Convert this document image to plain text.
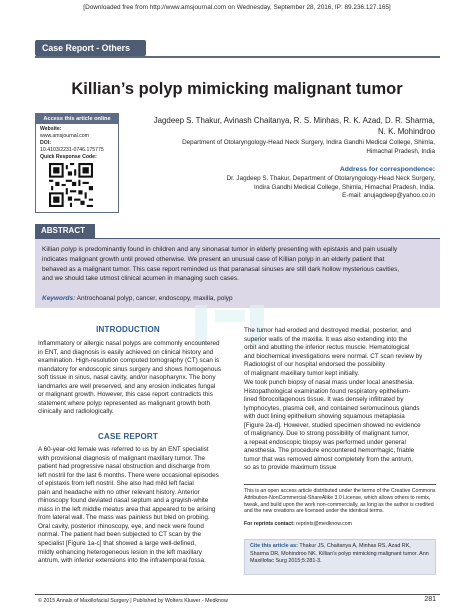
[Downloaded free from http://www.amsjournal.com on Wednesday, September 28, 2016, IP: 89.236.127.165]
Case Report - Others
Killian’s polyp mimicking malignant tumor
Access this article online
Website:
www.amsjournal.com
DOI:
10.4103/2231-0746.175775
Quick Response Code:
Jagdeep S. Thakur, Avinash Chaitanya, R. S. Minhas, R. K. Azad, D. R. Sharma,
N. K. Mohindroo
Department of Otolaryngology-Head Neck Surgery, Indira Gandhi Medical College, Shimla,
Himachal Pradesh, India
Address for correspondence:
Dr. Jagdeep S. Thakur, Department of Otolaryngology-Head Neck Surgery,
Indira Gandhi Medical College, Shimla, Himachal Pradesh, India.
E-mail: anujagdeep@yahoo.co.in
ABSTRACT
Killian polyp is predominantly found in children and any sinonasal tumor in elderly presenting with epistaxis and pain usually
indicates malignant growth until proved otherwise. We present an unusual case of Killian polyp in an elderly patient that
behaved as a malignant tumor. This case report reminded us that paranasal sinuses are still dark hollow mysterious cavities,
and we should take utmost clinical acumen in managing such cases.
Keywords: Antrochoanal polyp, cancer, endoscopy, maxilla, polyp
INTRODUCTION
Inflammatory or allergic nasal polyps are commonly encountered
in ENT, and diagnosis is easily achieved on clinical history and
examination. High-resolution computed tomography (CT) scan is
mandatory for endoscopic sinus surgery and shows homogenous
soft tissue in sinus, nasal cavity, and/or nasopharynx. The bony
landmarks are well preserved, and any erosion indicates fungal
or malignant growth. However, this case report contradicts this
statement where polyp represented as malignant growth both
clinically and radiologically.
CASE REPORT
A 60-year-old female was referred to us by an ENT specialist
with provisional diagnosis of malignant maxillary tumor. The
patient had progressive nasal obstruction and discharge from
left nostril for the last 6 months. There were occasional episodes
of epistaxis from left nostril. She also had mild left facial
pain and headache with no other relevant history. Anterior
rhinoscopy found deviated nasal septum and a grayish-white
mass in the left middle meatus area that appeared to be arising
from lateral wall. The mass was painless but bled on probing.
Oral cavity, posterior rhinoscopy, eye, and neck were found
normal. The patient had been subjected to CT scan by the
specialist [Figure 1a-c] that showed a large well-defined,
mildly enhancing heterogeneous lesion in the left maxillary
antrum, with inferior extensions into the infratemporal fossa.
The tumor had eroded and destroyed medial, posterior, and
superior walls of the maxilla. It was also extending into the
orbit and abutting the inferior rectus muscle. Hematological
and biochemical investigations were normal. CT scan review by
Radiologist of our hospital endorsed the possibility
of malignant maxillary tumor kept initially.
We took punch biopsy of nasal mass under local anesthesia.
Histopathological examination found respiratory epithelium-
lined fibrocollagenous tissue. It was densely infiltrated by
lymphocytes, plasma cell, and contained seromucinous glands
with duct lining epithelium showing squamous metaplasia
[Figure 2a-d]. However, studied specimen showed no evidence
of malignancy. Due to strong possibility of malignant tumor,
a repeat endoscopic biopsy was performed under general
anesthesia. The procedure encountered hemorrhagic, friable
tumor that was removed almost completely from the antrum,
so as to provide maximum tissue
This is an open access article distributed under the terms of the Creative Commons Attribution-NonCommercial-ShareAlike 3.0 License, which allows others to remix, tweak, and build upon the work non-commercially, as long as the author is credited and the new creations are licensed under the identical terms.
For reprints contact: reprints@medknow.com
Cite this article as: Thakur JS, Chaitanya A, Minhas RS, Azad RK, Sharma DR, Mohindroo NK. Killian’s polyp mimicking malignant tumor. Ann Maxillofac Surg 2015;5:281-3.
© 2015 Annals of Maxillofacial Surgery | Published by Wolters Kluwer - Medknow	281
